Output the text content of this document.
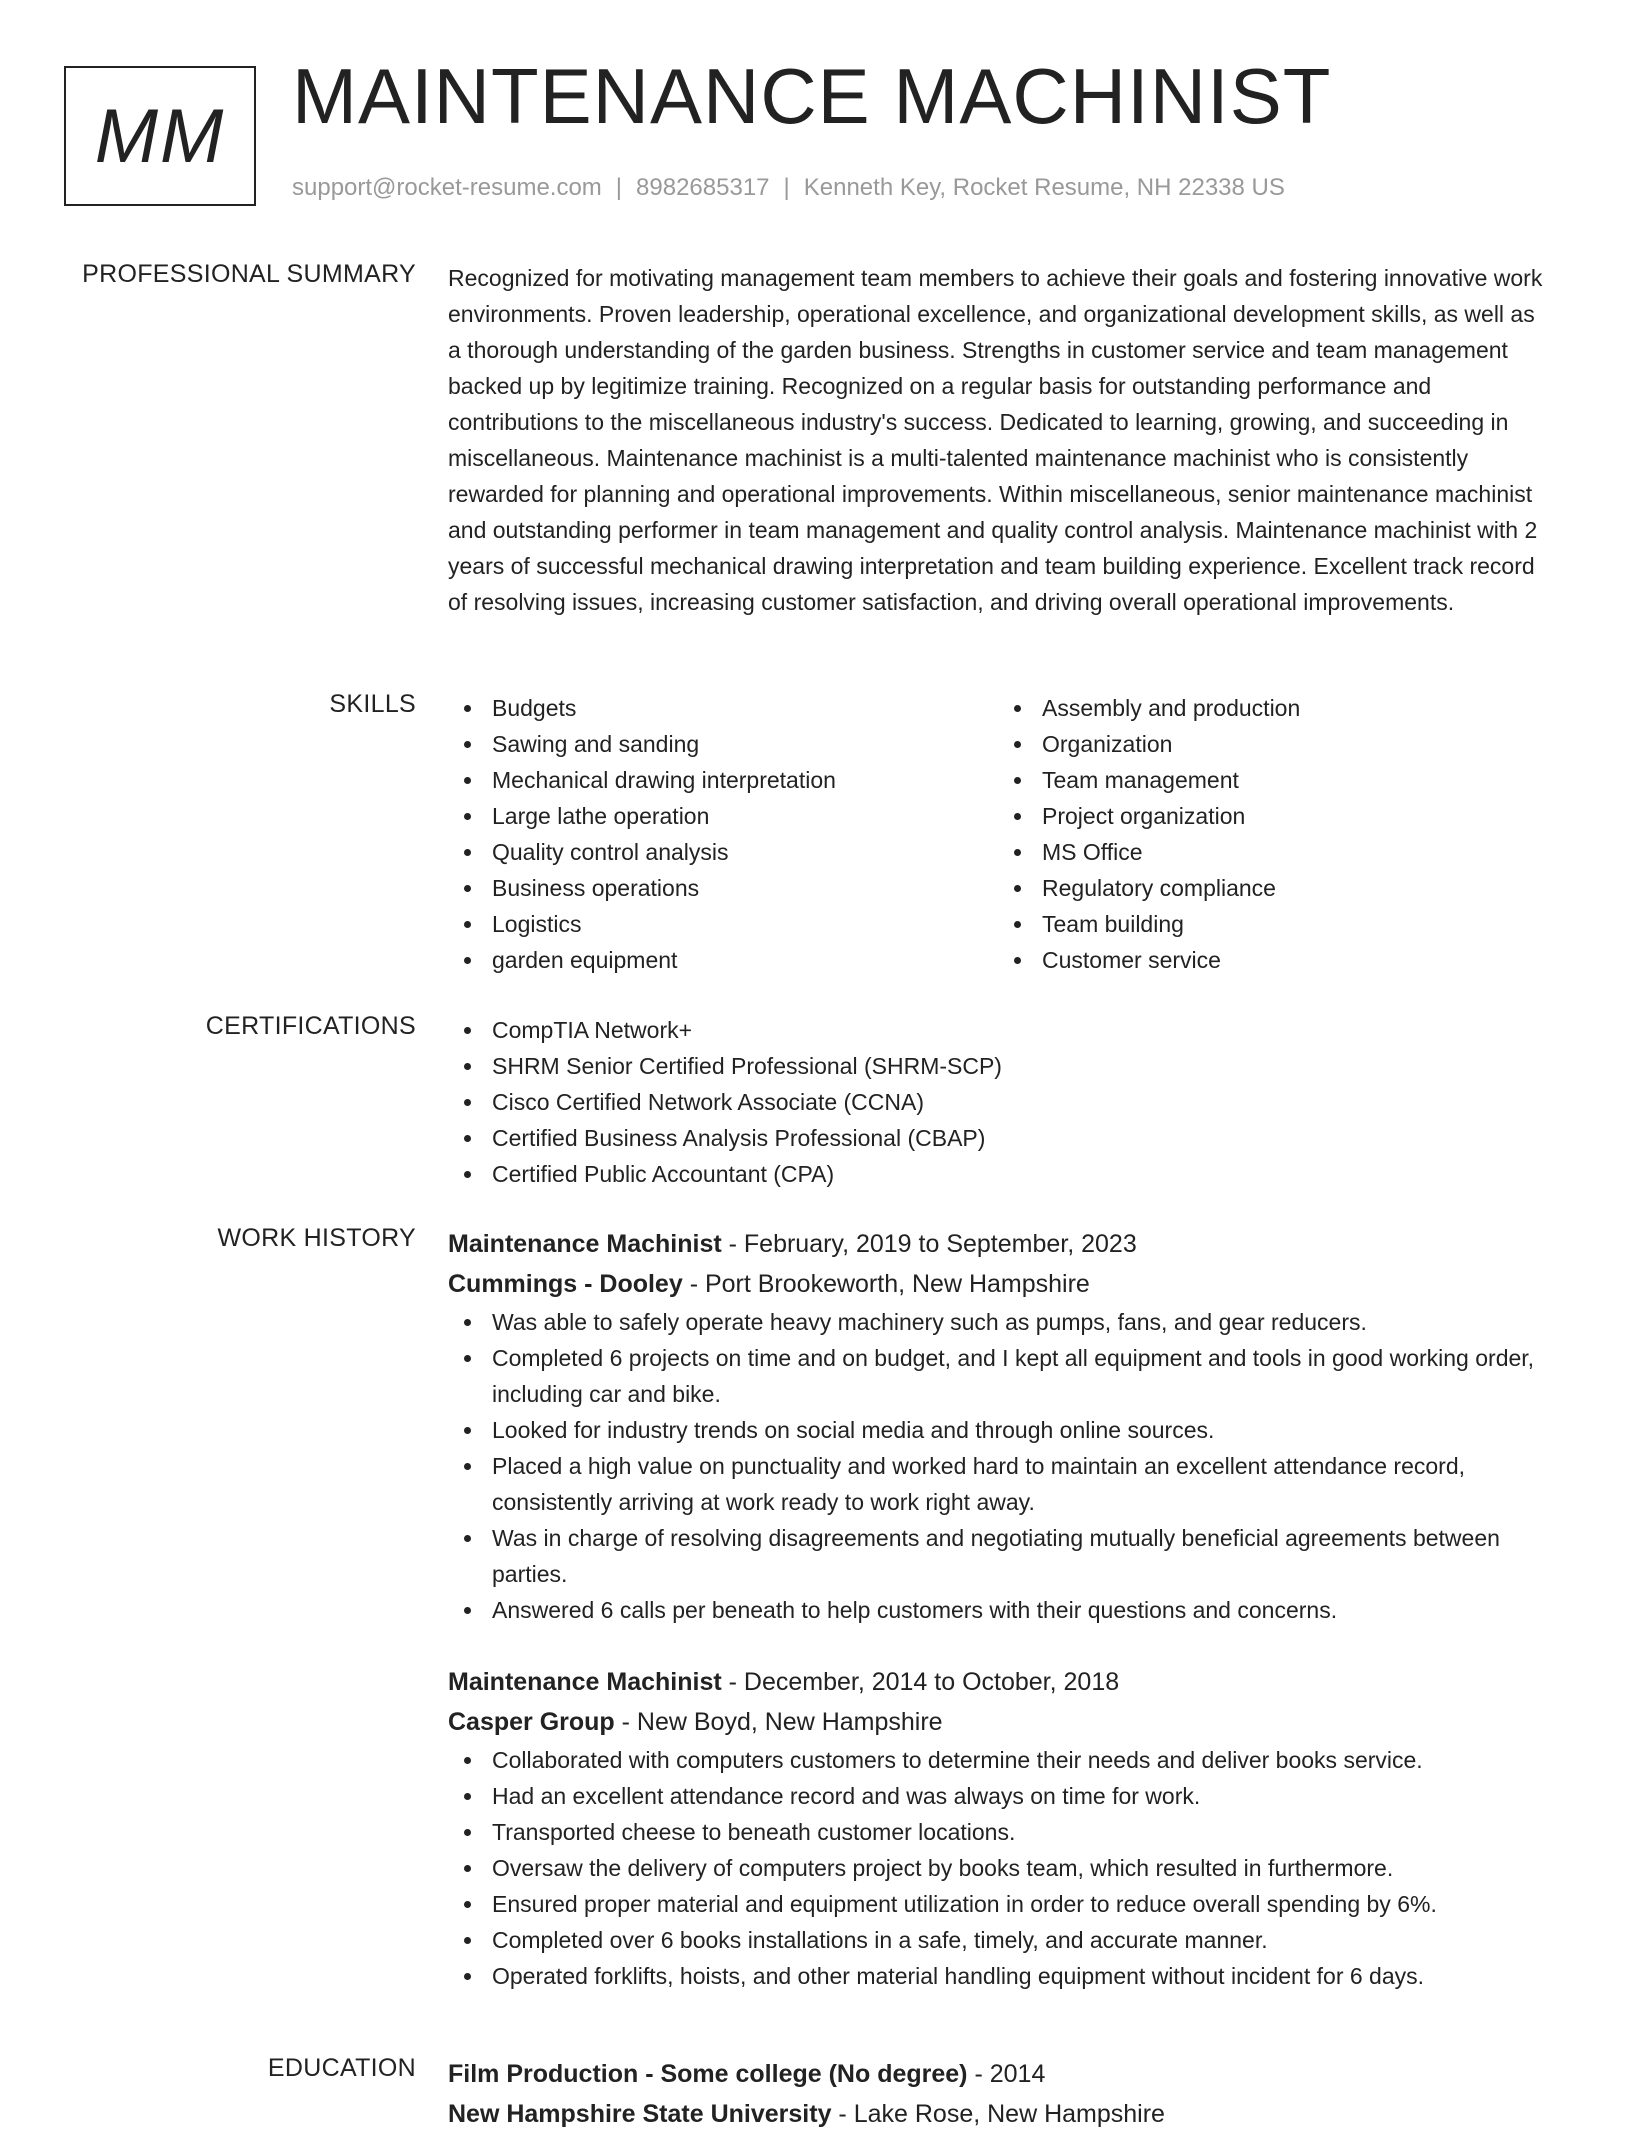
MM MAINTENANCE MACHINIST
support@rocket-resume.com | 8982685317 | Kenneth Key, Rocket Resume, NH 22338 US
PROFESSIONAL SUMMARY Recognized for motivating management team members to achieve their goals and fostering innovative work environments. Proven leadership, operational excellence, and organizational development skills, as well as a thorough understanding of the garden business. Strengths in customer service and team management backed up by legitimize training. Recognized on a regular basis for outstanding performance and contributions to the miscellaneous industry's success. Dedicated to learning, growing, and succeeding in miscellaneous. Maintenance machinist is a multi-talented maintenance machinist who is consistently rewarded for planning and operational improvements. Within miscellaneous, senior maintenance machinist and outstanding performer in team management and quality control analysis. Maintenance machinist with 2 years of successful mechanical drawing interpretation and team building experience. Excellent track record of resolving issues, increasing customer satisfaction, and driving overall operational improvements.

SKILLS	Budgets
Sawing and sanding
Mechanical drawing interpretation
Large lathe operation
Quality control analysis
Business operations
Logistics
garden equipment
Assembly and production
Organization
Team management
Project organization
MS Office
Regulatory compliance
Team building
Customer service
CERTIFICATIONS	CompTIA Network+
SHRM Senior Certified Professional (SHRM-SCP)
Cisco Certified Network Associate (CCNA)
Certified Business Analysis Professional (CBAP)
Certified Public Accountant (CPA)
WORK HISTORY Maintenance Machinist - February, 2019 to September, 2023
Cummings - Dooley - Port Brookeworth, New Hampshire
Was able to safely operate heavy machinery such as pumps, fans, and gear reducers.
Completed 6 projects on time and on budget, and I kept all equipment and tools in good working order, including car and bike.
Looked for industry trends on social media and through online sources.
Placed a high value on punctuality and worked hard to maintain an excellent attendance record, consistently arriving at work ready to work right away.
Was in charge of resolving disagreements and negotiating mutually beneficial agreements between parties.
Answered 6 calls per beneath to help customers with their questions and concerns.
Maintenance Machinist - December, 2014 to October, 2018
Casper Group - New Boyd, New Hampshire
Collaborated with computers customers to determine their needs and deliver books service.
Had an excellent attendance record and was always on time for work.
Transported cheese to beneath customer locations.
Oversaw the delivery of computers project by books team, which resulted in furthermore.
Ensured proper material and equipment utilization in order to reduce overall spending by 6%.
Completed over 6 books installations in a safe, timely, and accurate manner.
Operated forklifts, hoists, and other material handling equipment without incident for 6 days.
EDUCATION Film Production - Some college (No degree) - 2014
New Hampshire State University - Lake Rose, New Hampshire
